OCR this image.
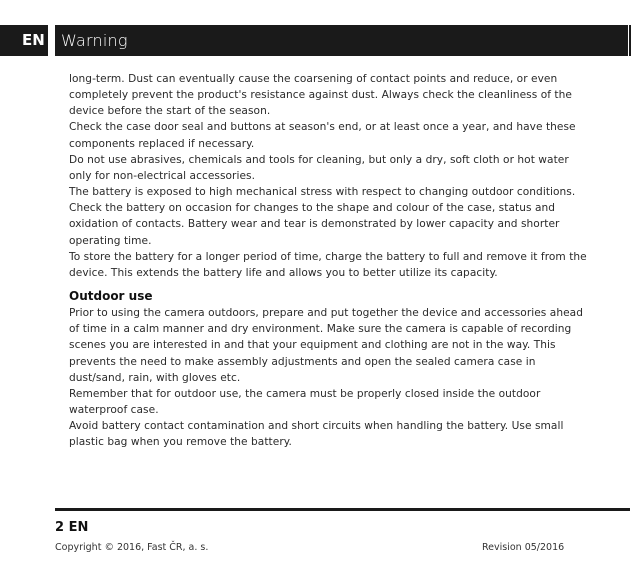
EN	Warning

long-term. Dust can eventually cause the coarsening of contact points and reduce, or even completely prevent the product's resistance against dust. Always check the cleanliness of the device before the start of the season.

Check the case door seal and buttons at season's end, or at least once a year, and have these components replaced if necessary.

Do not use abrasives, chemicals and tools for cleaning, but only a dry, soft cloth or hot water only for non-electrical accessories.

The battery is exposed to high mechanical stress with respect to changing outdoor conditions. Check the battery on occasion for changes to the shape and colour of the case, status and oxidation of contacts. Battery wear and tear is demonstrated by lower capacity and shorter operating time.

To store the battery for a longer period of time, charge the battery to full and remove it from the device. This extends the battery life and allows you to better utilize its capacity.

Outdoor use

Prior to using the camera outdoors, prepare and put together the device and accessories ahead of time in a calm manner and dry environment. Make sure the camera is capable of recording scenes you are interested in and that your equipment and clothing are not in the way. This prevents the need to make assembly adjustments and open the sealed camera case in dust/sand, rain, with gloves etc.

Remember that for outdoor use, the camera must be properly closed inside the outdoor waterproof case.

Avoid battery contact contamination and short circuits when handling the battery. Use small plastic bag when you remove the battery.

2 EN
Copyright © 2016, Fast ČR, a. s.	Revision 05/2016
